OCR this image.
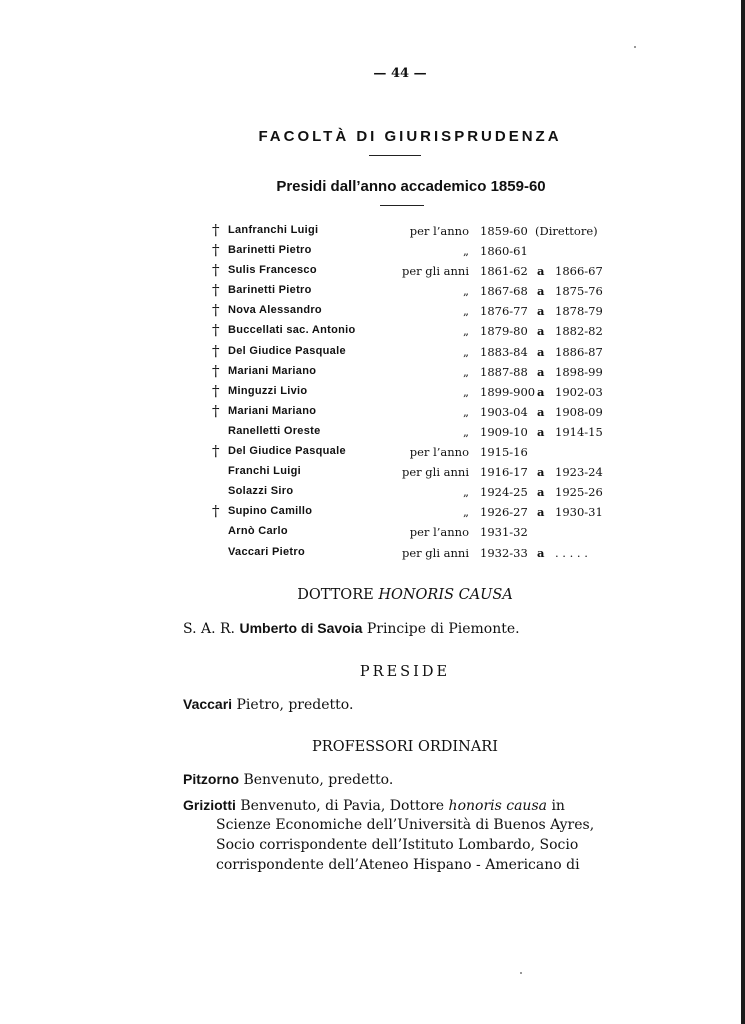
— 44 —
FACOLTÀ DI GIURISPRUDENZA
Presidi dall’anno accademico 1859-60
† Lanfranchi Luigi	per l’anno 1859-60 (Direttore)
† Barinetti Pietro	„ 1860-61
† Sulis Francesco	per gli anni 1861-62 a 1866-67
† Barinetti Pietro	„ 1867-68 a 1875-76
† Nova Alessandro	„ 1876-77 a 1878-79
† Buccellati sac. Antonio	„ 1879-80 a 1882-82
† Del Giudice Pasquale	„ 1883-84 a 1886-87
† Mariani Mariano	„ 1887-88 a 1898-99
† Minguzzi Livio	„ 1899-900 a 1902-03
† Mariani Mariano	„ 1903-04 a 1908-09
Ranelletti Oreste	„ 1909-10 a 1914-15
† Del Giudice Pasquale	per l’anno 1915-16
Franchi Luigi	per gli anni 1916-17 a 1923-24
Solazzi Siro	„ 1924-25 a 1925-26
† Supino Camillo	„ 1926-27 a 1930-31
Arnò Carlo	per l’anno 1931-32
Vaccari Pietro	per gli anni 1932-33 a . . . . .
DOTTORE HONORIS CAUSA
S. A. R. Umberto di Savoia Principe di Piemonte.
PRESIDE
Vaccari Pietro, predetto.
PROFESSORI ORDINARI
Pitzorno Benvenuto, predetto.
Griziotti Benvenuto, di Pavia, Dottore honoris causa in
Scienze Economiche dell’Università di Buenos Ayres,
Socio corrispondente dell’Istituto Lombardo, Socio
corrispondente dell’Ateneo Hispano - Americano di
